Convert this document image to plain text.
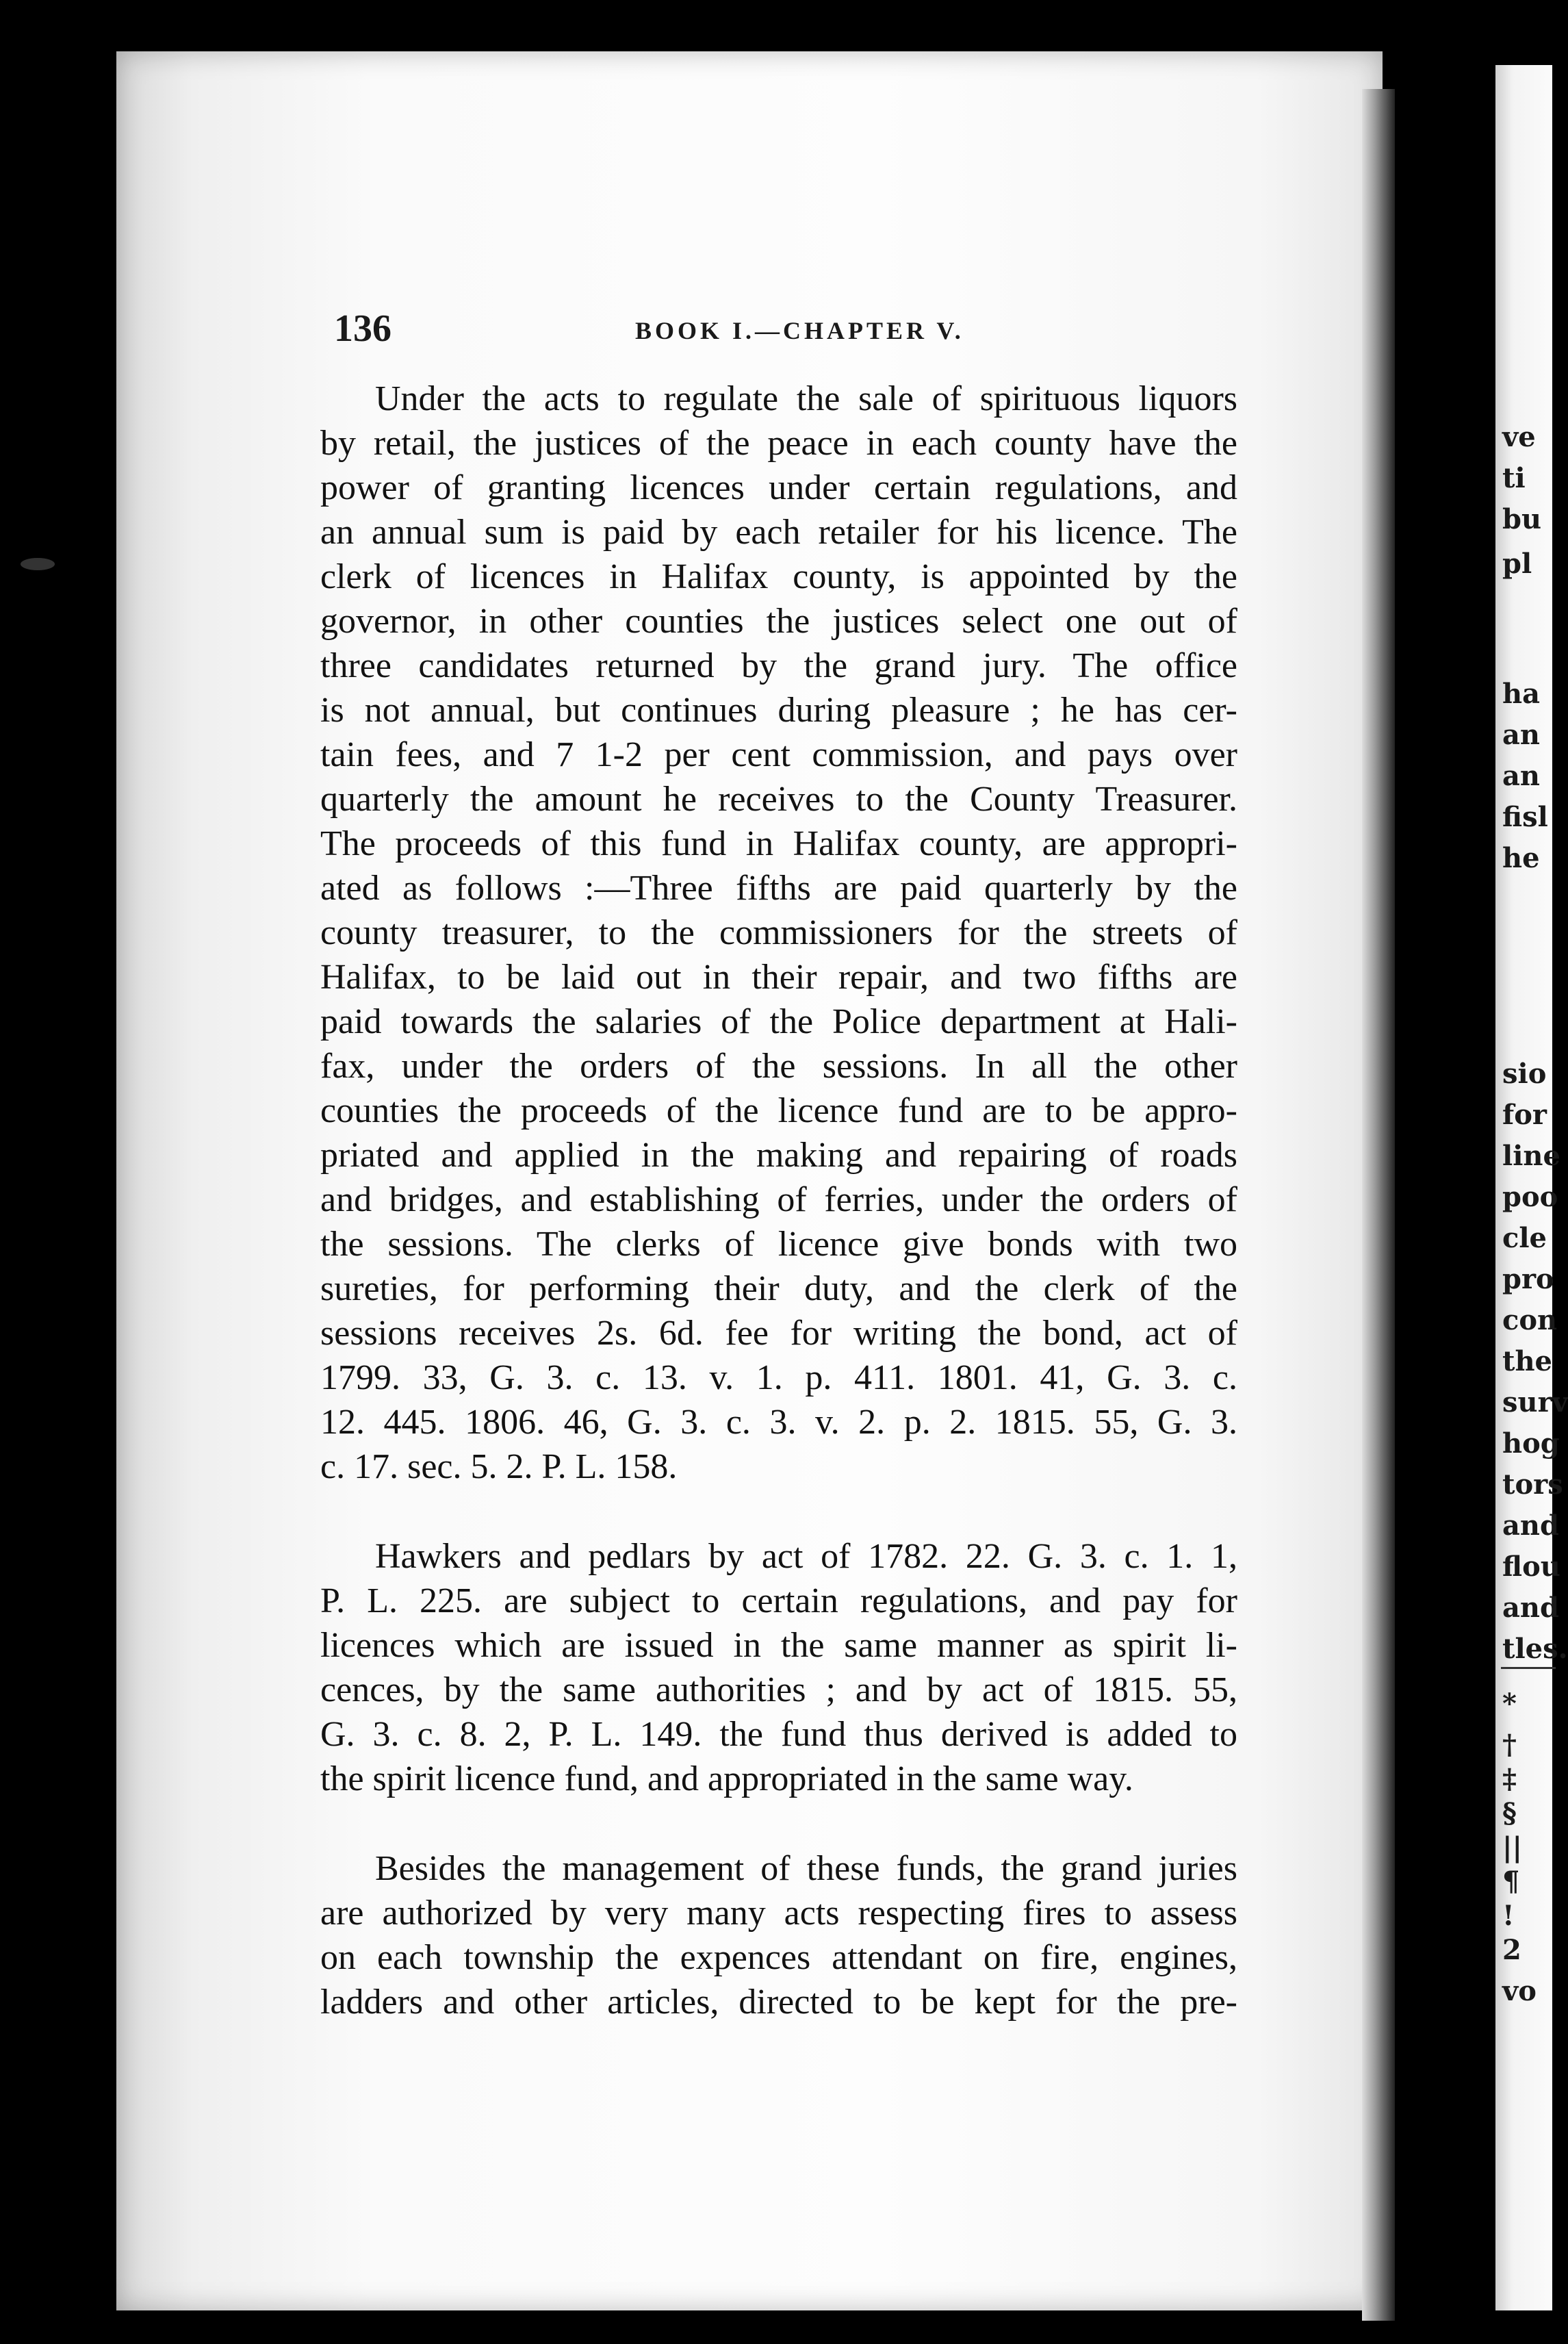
136	BOOK I.—CHAPTER V.
Under the acts to regulate the sale of spirituous liquors
by retail, the justices of the peace in each county have the
power of granting licences under certain regulations, and
an annual sum is paid by each retailer for his licence. The
clerk of licences in Halifax county, is appointed by the
governor, in other counties the justices select one out of
three candidates returned by the grand jury. The office
is not annual, but continues during pleasure ; he has cer-
tain fees, and 7 1-2 per cent commission, and pays over
quarterly the amount he receives to the County Treasurer.
The proceeds of this fund in Halifax county, are appropri-
ated as follows :—Three fifths are paid quarterly by the
county treasurer, to the commissioners for the streets of
Halifax, to be laid out in their repair, and two fifths are
paid towards the salaries of the Police department at Hali-
fax, under the orders of the sessions. In all the other
counties the proceeds of the licence fund are to be appro-
priated and applied in the making and repairing of roads
and bridges, and establishing of ferries, under the orders of
the sessions. The clerks of licence give bonds with two
sureties, for performing their duty, and the clerk of the
sessions receives 2s. 6d. fee for writing the bond, act of
1799. 33, G. 3. c. 13. v. 1. p. 411. 1801. 41, G. 3. c.
12. 445. 1806. 46, G. 3. c. 3. v. 2. p. 2. 1815. 55, G. 3.
c. 17. sec. 5. 2. P. L. 158.
Hawkers and pedlars by act of 1782. 22. G. 3. c. 1. 1,
P. L. 225. are subject to certain regulations, and pay for
licences which are issued in the same manner as spirit li-
cences, by the same authorities ; and by act of 1815. 55,
G. 3. c. 8. 2, P. L. 149. the fund thus derived is added to
the spirit licence fund, and appropriated in the same way.
Besides the management of these funds, the grand juries
are authorized by very many acts respecting fires to assess
on each township the expences attendant on fire, engines,
ladders and other articles, directed to be kept for the pre-
ve
ti
bu
pl
ha
an
an
fisl
he
sio
for
line
poo
cle
pro
con
the
surv
hog
tors
and
flou
and
tles.
*
†
‡
§
||
¶
!
2
vo
